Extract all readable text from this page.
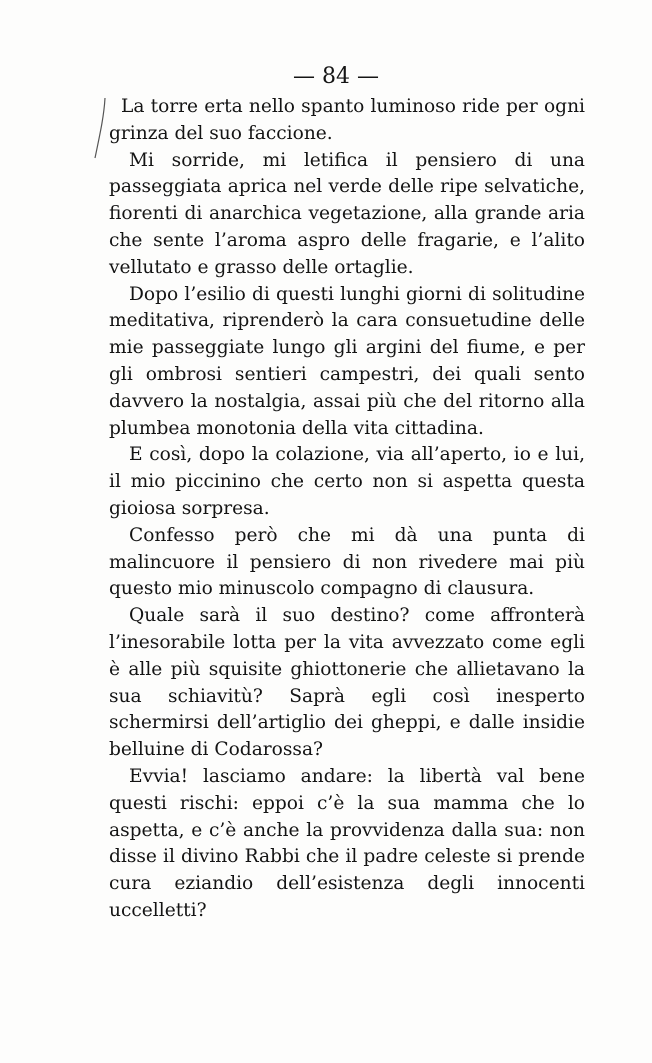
— 84 —

La torre erta nello spanto luminoso ride per ogni grinza del suo faccione.

Mi sorride, mi letifica il pensiero di una passeggiata aprica nel verde delle ripe selvatiche, fiorenti di anarchica vegetazione, alla grande aria che sente l’aroma aspro delle fragarie, e l’alito vellutato e grasso delle ortaglie.

Dopo l’esilio di questi lunghi giorni di solitudine meditativa, riprenderò la cara consuetudine delle mie passeggiate lungo gli argini del fiume, e per gli ombrosi sentieri campestri, dei quali sento davvero la nostalgia, assai più che del ritorno alla plumbea monotonia della vita cittadina.

E così, dopo la colazione, via all’aperto, io e lui, il mio piccinino che certo non si aspetta questa gioiosa sorpresa.

Confesso però che mi dà una punta di malincuore il pensiero di non rivedere mai più questo mio minuscolo compagno di clausura.

Quale sarà il suo destino? come affronterà l’inesorabile lotta per la vita avvezzato come egli è alle più squisite ghiottonerie che allietavano la sua schiavitù? Saprà egli così inesperto schermirsi dell’artiglio dei gheppi, e dalle insidie belluine di Codarossa?

Evvia! lasciamo andare: la libertà val bene questi rischi: eppoi c’è la sua mamma che lo aspetta, e c’è anche la provvidenza dalla sua: non disse il divino Rabbi che il padre celeste si prende cura eziandio dell’esistenza degli innocenti uccelletti?
